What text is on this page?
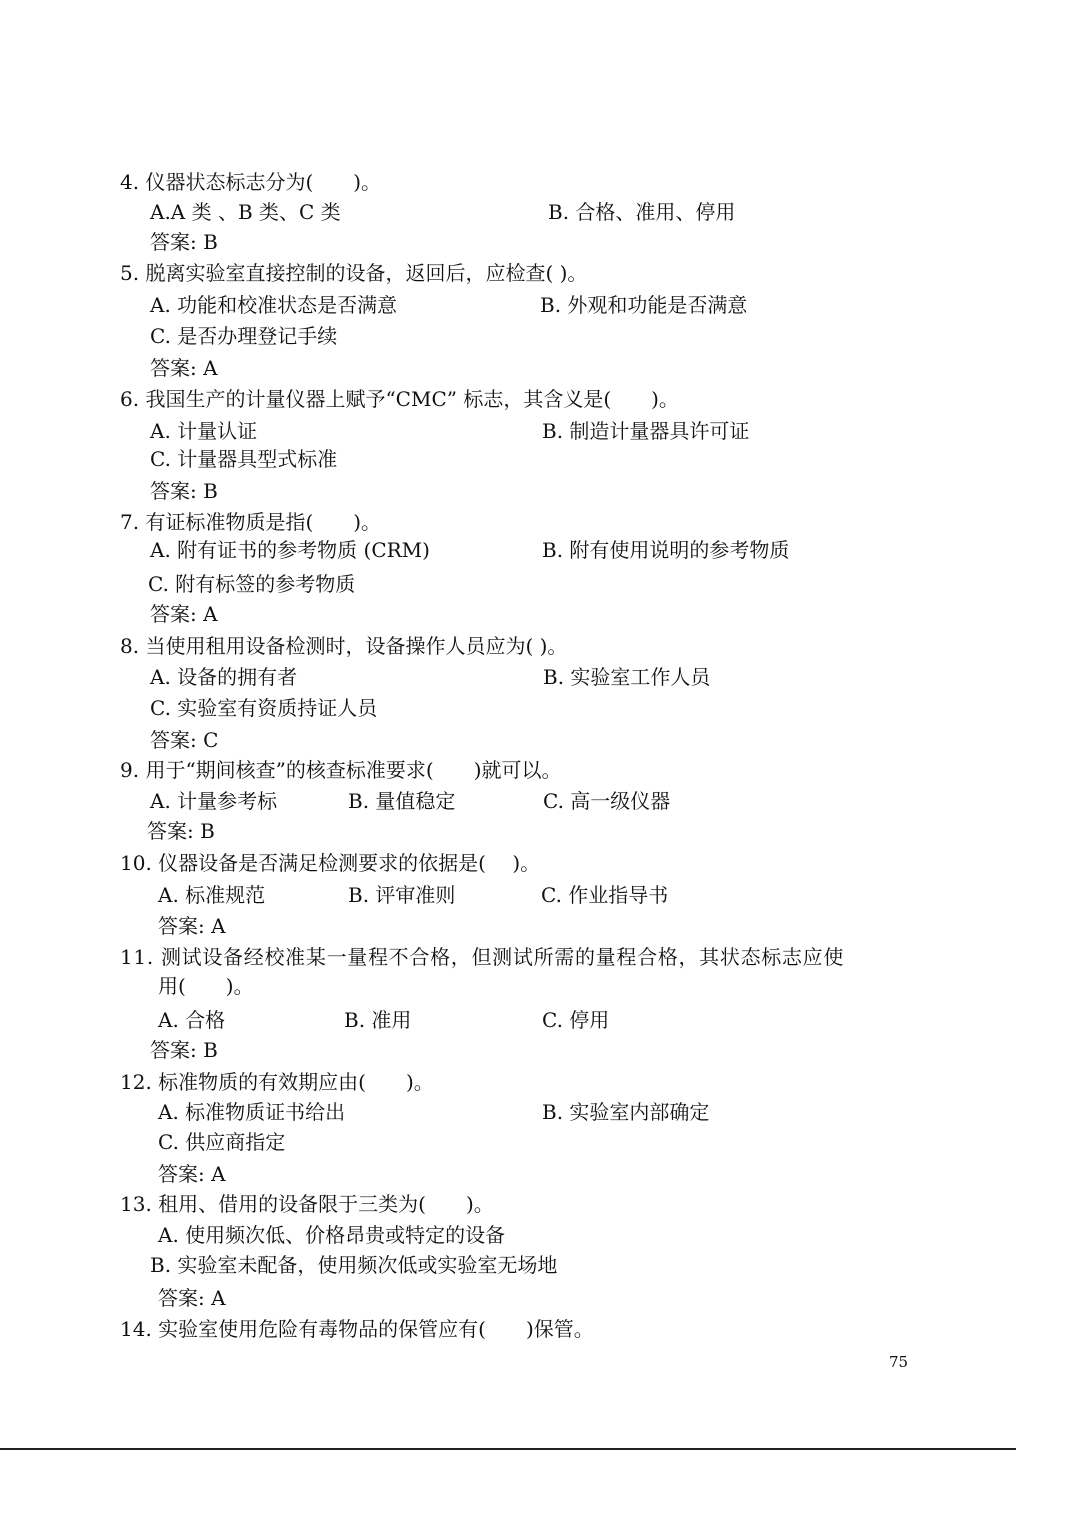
4. 仪器状态标志分为(　　)。
A.A 类 、B 类、C 类	B. 合格、准用、停用
答案: B
5. 脱离实验室直接控制的设备，返回后，应检查( )。
A. 功能和校准状态是否满意	B. 外观和功能是否满意
C. 是否办理登记手续
答案: A
6. 我国生产的计量仪器上赋予“CMC” 标志，其含义是(　　)。
A. 计量认证	B. 制造计量器具许可证
C. 计量器具型式标准
答案: B
7. 有证标准物质是指(　　)。
A. 附有证书的参考物质 (CRM)	B. 附有使用说明的参考物质
C. 附有标签的参考物质
答案: A
8. 当使用租用设备检测时，设备操作人员应为( )。
A. 设备的拥有者	B. 实验室工作人员
C. 实验室有资质持证人员
答案: C
9. 用于“期间核查”的核查标准要求(　　)就可以。
A. 计量参考标	B. 量值稳定	C. 高一级仪器
答案: B
10. 仪器设备是否满足检测要求的依据是(　 )。
A. 标准规范	B. 评审准则	C. 作业指导书
答案: A
11. 测试设备经校准某一量程不合格，但测试所需的量程合格，其状态标志应使
用(　　)。
A. 合格	B. 准用	C. 停用
答案: B
12. 标准物质的有效期应由(　　)。
A. 标准物质证书给出	B. 实验室内部确定
C. 供应商指定
答案: A
13. 租用、借用的设备限于三类为(　　)。
A. 使用频次低、价格昂贵或特定的设备
B. 实验室未配备，使用频次低或实验室无场地
答案: A
14. 实验室使用危险有毒物品的保管应有(　　)保管。
75
